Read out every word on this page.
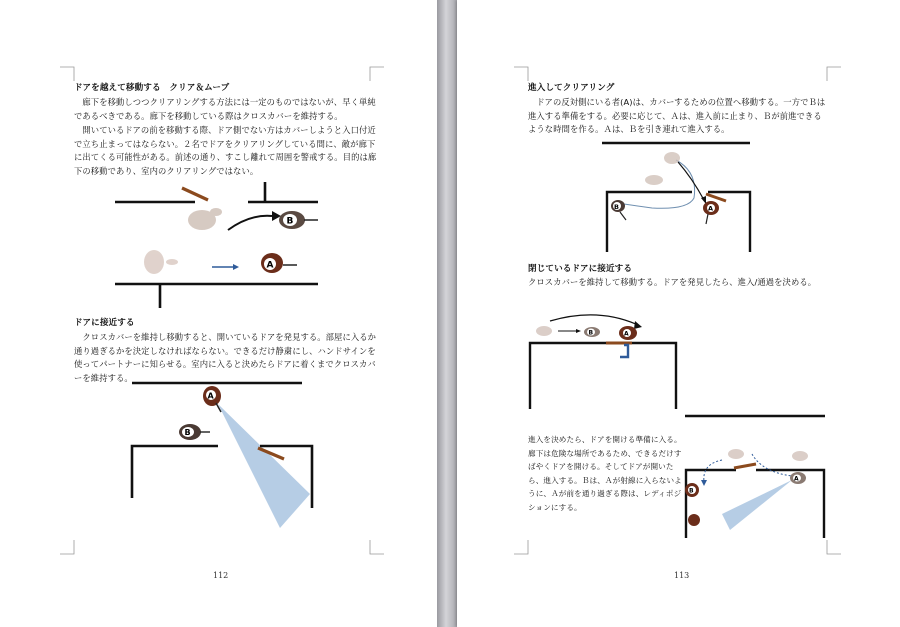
ドアを越えて移動する　クリア＆ムーブ
　廊下を移動しつつクリアリングする方法には一定のものではないが、早く単純であるべきである。廊下を移動している際はクロスカバーを維持する。
　開いているドアの前を移動する際、ドア側でない方はカバーしようと入口付近で立ち止まってはならない。２名でドアをクリアリングしている間に、敵が廊下に出てくる可能性がある。前述の通り、すこし離れて周囲を警戒する。目的は廊下の移動であり、室内のクリアリングではない。
B
A
ドアに接近する
　クロスカバーを維持し移動すると、開いているドアを発見する。部屋に入るか通り過ぎるかを決定しなければならない。できるだけ静粛にし、ハンドサインを使ってパートナーに知らせる。室内に入ると決めたらドアに着くまでクロスカバーを維持する。
A
B
112
進入してクリアリング
　ドアの反対側にいる者(A)は、カバーするための位置へ移動する。一方でＢは進入する準備をする。必要に応じて、Ａは、進入前に止まり、Ｂが前進できるような時間を作る。Ａは、Ｂを引き連れて進入する。
B	A
閉じているドアに接近する
クロスカバーを維持して移動する。ドアを発見したら、進入/通過を決める。
B	A
進入を決めたら、ドアを開ける準備に入る。廊下は危険な場所であるため、できるだけすばやくドアを開ける。そしてドアが開いたら、進入する。Ｂは、Ａが射線に入らないように、Ａが前を通り過ぎる際は、レディポジションにする。
B
A
113
